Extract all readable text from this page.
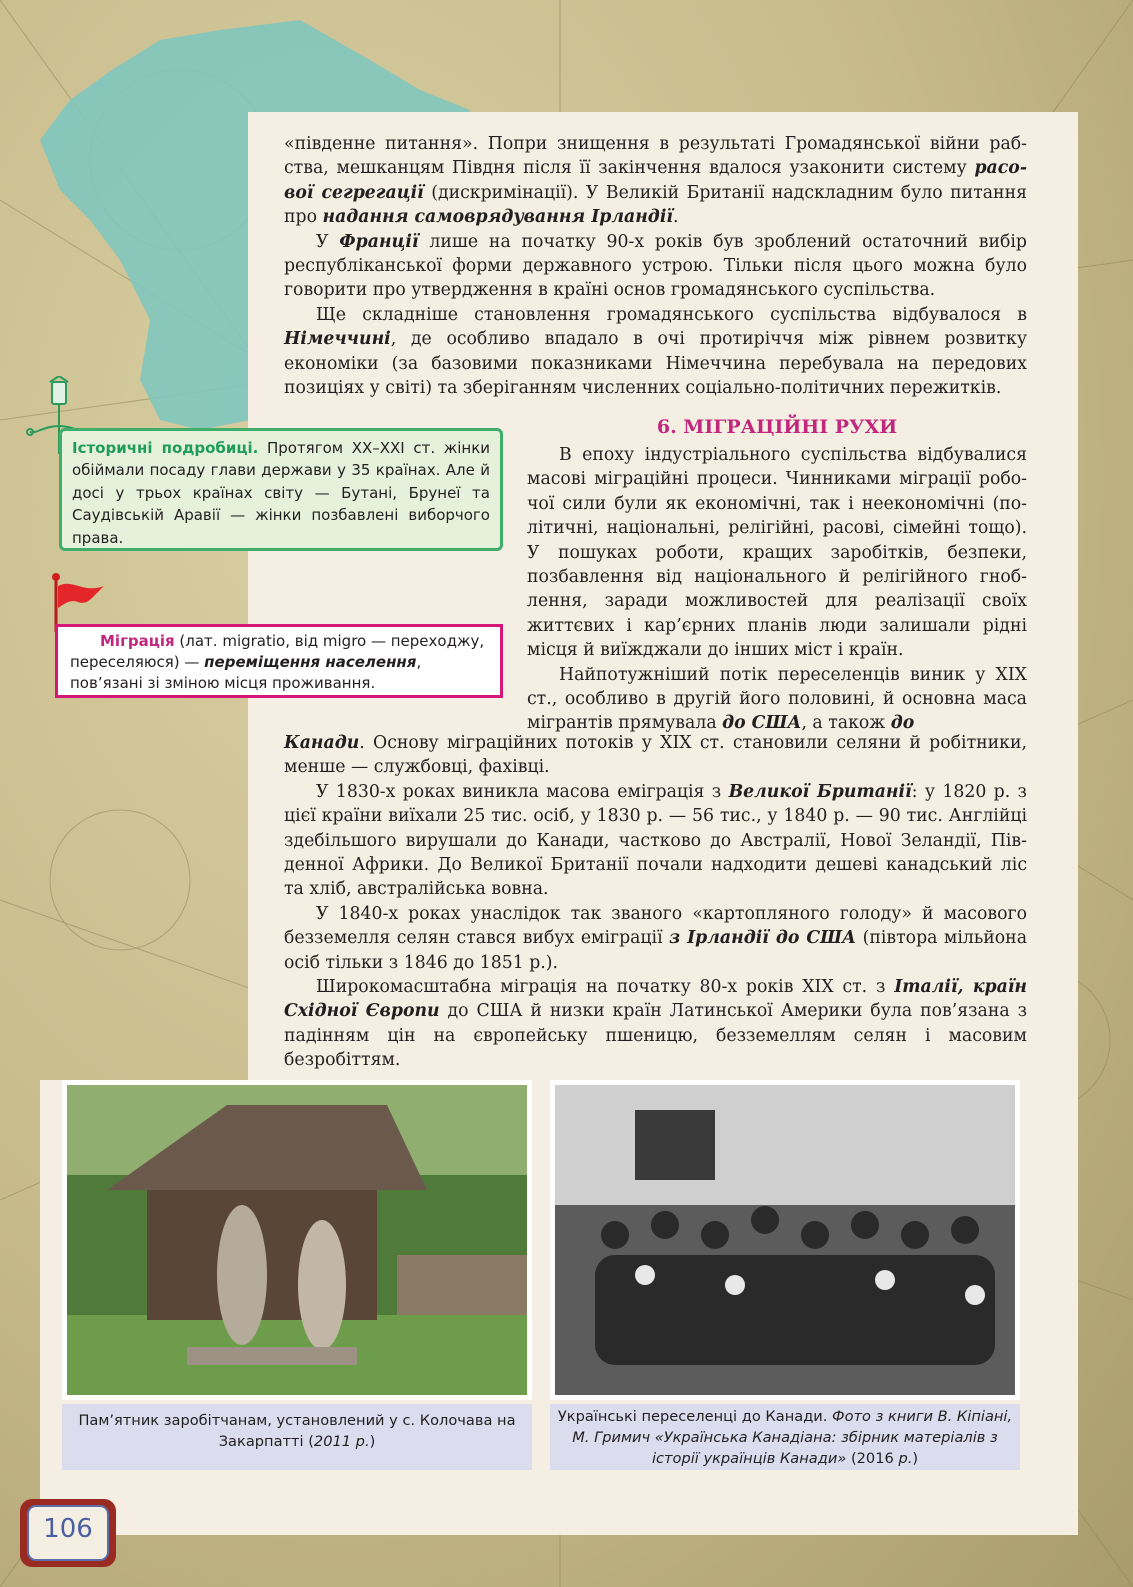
«південне питання». Попри знищення в результаті Громадянської війни рабства, мешканцям Півдня після її закінчення вдалося узаконити систему расової сегрегації (дискримінації). У Великій Британії надскладним було питання про надання самоврядування Ірландії.

У Франції лише на початку 90-х років був зроблений остаточний вибір республіканської форми державного устрою. Тільки після цього можна було говорити про утвердження в країні основ громадянського суспільства.

Ще складніше становлення громадянського суспільства відбувалося в Німеччині, де особливо впадало в очі протиріччя між рівнем розвитку економіки (за базовими показниками Німеччина перебувала на передових позиціях у світі) та зберіганням численних соціально-політичних пережитків.

Історичні подробиці. Протягом XX–XXI ст. жінки обіймали посаду глави держави у 35 країнах. Але й досі у трьох країнах світу — Бутані, Брунеї та Саудівській Аравії — жінки позбавлені виборчого права.
6. МІГРАЦІЙНІ РУХИ

В епоху індустріального суспільства відбувалися масові міграційні процеси. Чинниками міграції робочої сили були як економічні, так і неекономічні (політичні, національні, релігійні, расові, сімейні тощо). У пошуках роботи, кращих заробітків, безпеки, позбавлення від національного й релігійного гноблення, заради можливостей для реалізації своїх життєвих і кар’єрних планів люди залишали рідні місця й виїжджали до інших міст і країн.

Найпотужніший потік переселенців виник у XIX ст., особливо в другій його половині, й основна маса мігрантів прямувала до США, а також до

Міграція (лат. migratio, від migro — переходжу, переселяюся) — переміщення населення, пов’язані зі зміною місця проживання.

Канади. Основу міграційних потоків у XIX ст. становили селяни й робітники, менше — службовці, фахівці.

У 1830-х роках виникла масова еміграція з Великої Британії: у 1820 р. з цієї країни виїхали 25 тис. осіб, у 1830 р. — 56 тис., у 1840 р. — 90 тис. Англійці здебільшого вирушали до Канади, частково до Австралії, Нової Зеландії, Південної Африки. До Великої Британії почали надходити дешеві канадський ліс та хліб, австралійська вовна.

У 1840-х роках унаслідок так званого «картопляного голоду» й масового безземелля селян стався вибух еміграції з Ірландії до США (півтора мільйона осіб тільки з 1846 до 1851 р.).

Широкомасштабна міграція на початку 80-х років XIX ст. з Італії, країн Східної Європи до США й низки країн Латинської Америки була пов’язана з падінням цін на європейську пшеницю, безземеллям селян і масовим безробіттям.

Пам’ятник заробітчанам, установлений у с. Колочава на Закарпатті (2011 р.)
Українські переселенці до Канади. Фото з книги В. Кіпіані, М. Гримич «Українська Канадіана: збірник матеріалів з історії українців Канади» (2016 р.)
106
